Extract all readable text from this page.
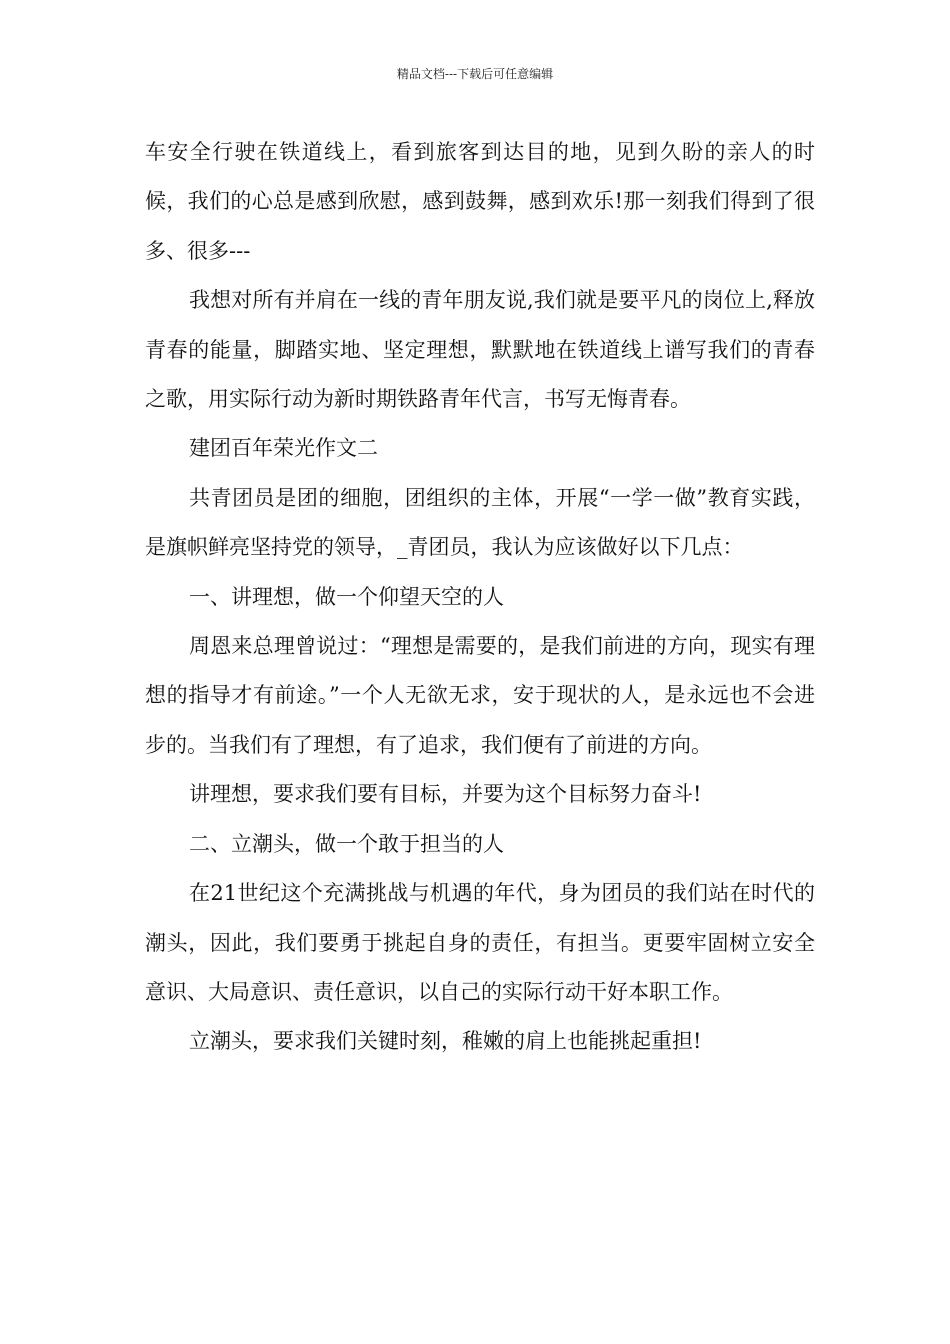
精品文档---下载后可任意编辑

车安全行驶在铁道线上，看到旅客到达目的地，见到久盼的亲人的时候，我们的心总是感到欣慰，感到鼓舞，感到欢乐!那一刻我们得到了很多、很多---

我想对所有并肩在一线的青年朋友说,我们就是要平凡的岗位上,释放青春的能量，脚踏实地、坚定理想，默默地在铁道线上谱写我们的青春之歌，用实际行动为新时期铁路青年代言，书写无悔青春。

建团百年荣光作文二

共青团员是团的细胞，团组织的主体，开展“一学一做”教育实践，是旗帜鲜亮坚持党的领导，_青团员，我认为应该做好以下几点：

一、讲理想，做一个仰望天空的人

周恩来总理曾说过：“理想是需要的，是我们前进的方向，现实有理想的指导才有前途。”一个人无欲无求，安于现状的人，是永远也不会进步的。当我们有了理想，有了追求，我们便有了前进的方向。

讲理想，要求我们要有目标，并要为这个目标努力奋斗!

二、立潮头，做一个敢于担当的人

在21世纪这个充满挑战与机遇的年代，身为团员的我们站在时代的潮头，因此，我们要勇于挑起自身的责任，有担当。更要牢固树立安全意识、大局意识、责任意识，以自己的实际行动干好本职工作。

立潮头，要求我们关键时刻，稚嫩的肩上也能挑起重担!
